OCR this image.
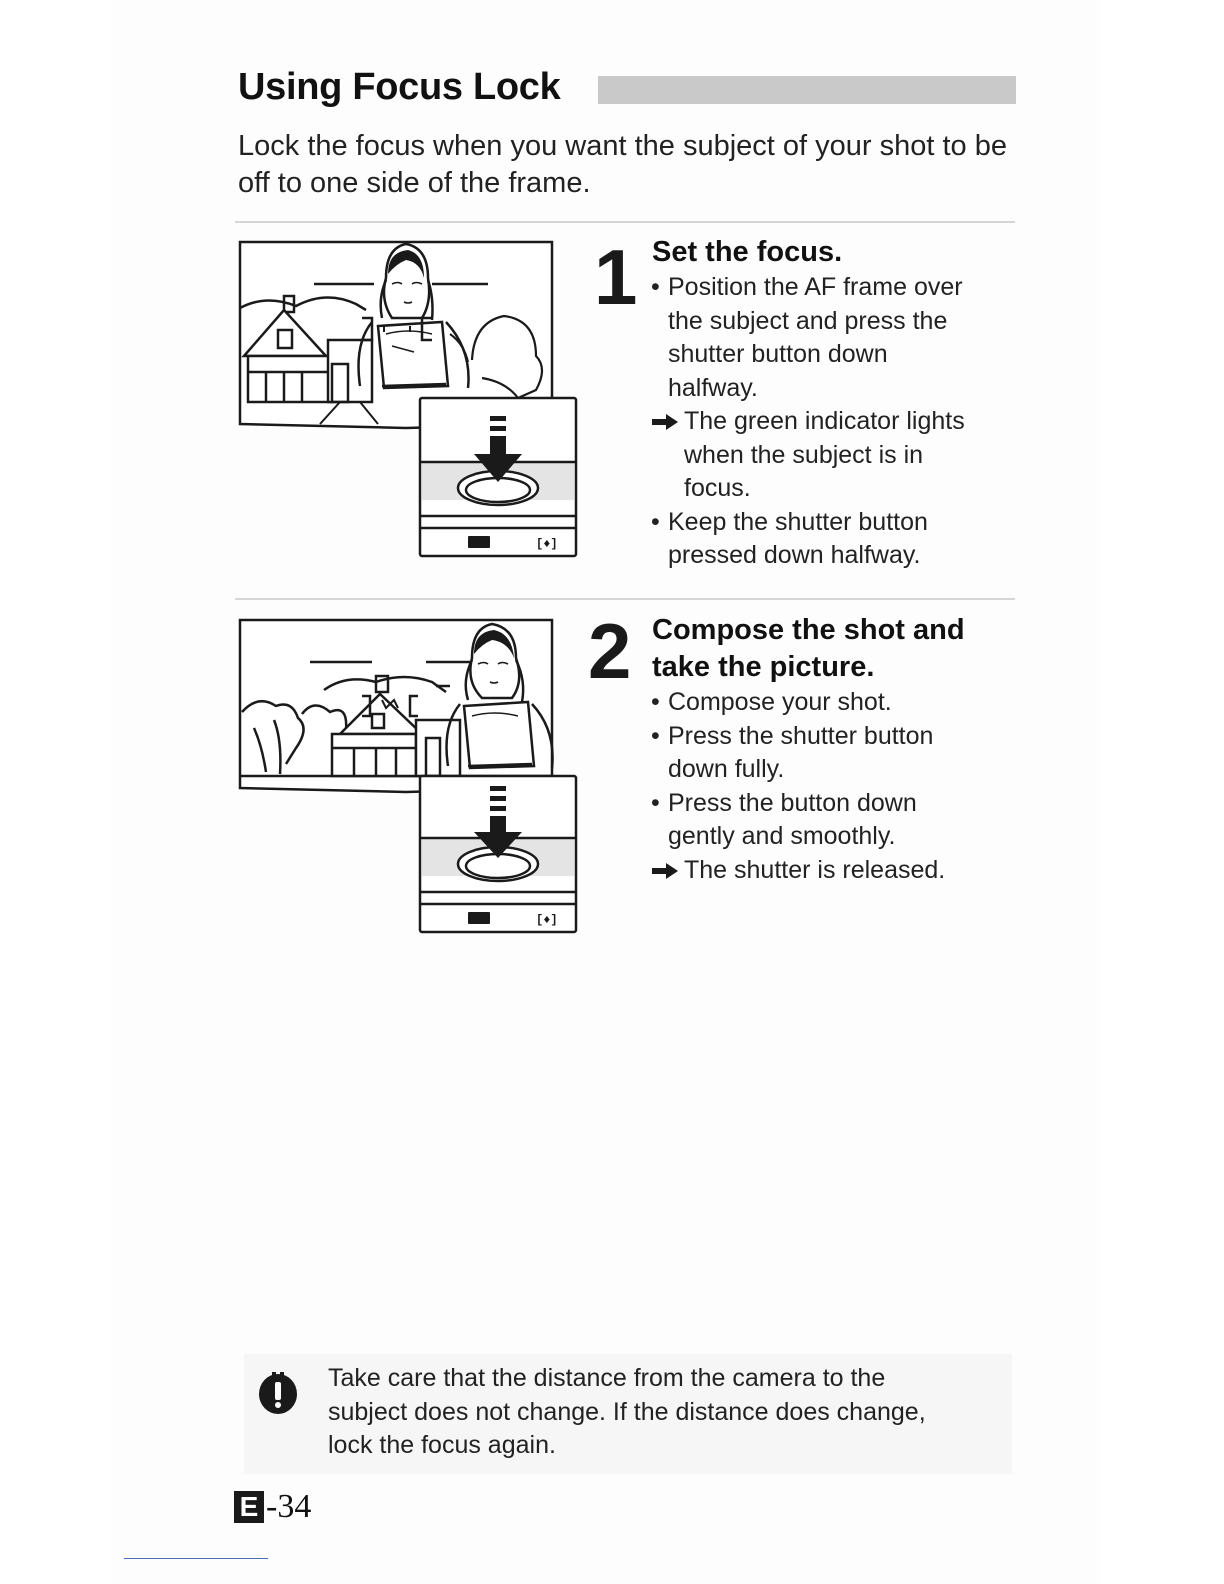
Using Focus Lock
Lock the focus when you want the subject of your shot to be off to one side of the frame.
[♦]
1 Set the focus.
• Position the AF frame over
the subject and press the
shutter button down
halfway.
The green indicator lights
when the subject is in
focus.
• Keep the shutter button
pressed down halfway.
[♦]
2 Compose the shot and
take the picture.
• Compose your shot.
• Press the shutter button
down fully.
• Press the button down
gently and smoothly.
The shutter is released.
Take care that the distance from the camera to the
subject does not change. If the distance does change,
lock the focus again.
E -34
